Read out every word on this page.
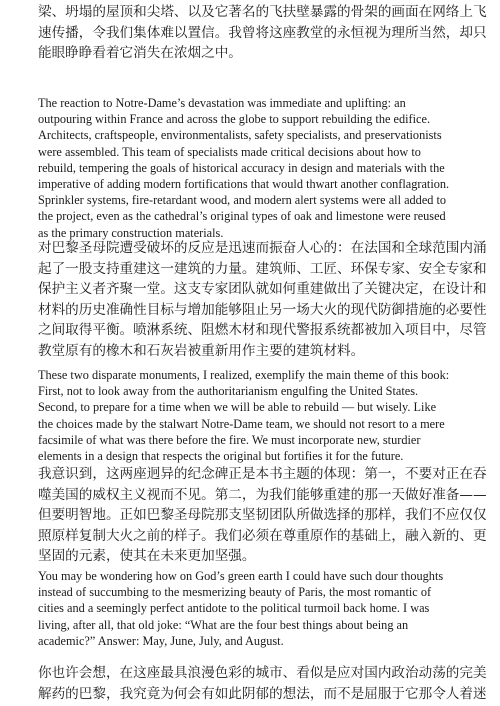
梁、坍塌的屋顶和尖塔、以及它著名的飞扶壁暴露的骨架的画面在网络上飞
速传播，令我们集体难以置信。我曾将这座教堂的永恒视为理所当然，却只
能眼睁睁看着它消失在浓烟之中。
The reaction to Notre-Dame’s devastation was immediate and uplifting: an
outpouring within France and across the globe to support rebuilding the edifice.
Architects, craftspeople, environmentalists, safety specialists, and preservationists
were assembled. This team of specialists made critical decisions about how to
rebuild, tempering the goals of historical accuracy in design and materials with the
imperative of adding modern fortifications that would thwart another conflagration.
Sprinkler systems, fire-retardant wood, and modern alert systems were all added to
the project, even as the cathedral’s original types of oak and limestone were reused
as the primary construction materials.
对巴黎圣母院遭受破坏的反应是迅速而振奋人心的：在法国和全球范围内涌
起了一股支持重建这一建筑的力量。建筑师、工匠、环保专家、安全专家和
保护主义者齐聚一堂。这支专家团队就如何重建做出了关键决定，在设计和
材料的历史准确性目标与增加能够阻止另一场大火的现代防御措施的必要性
之间取得平衡。喷淋系统、阻燃木材和现代警报系统都被加入项目中，尽管
教堂原有的橡木和石灰岩被重新用作主要的建筑材料。
These two disparate monuments, I realized, exemplify the main theme of this book:
First, not to look away from the authoritarianism engulfing the United States.
Second, to prepare for a time when we will be able to rebuild — but wisely. Like
the choices made by the stalwart Notre-Dame team, we should not resort to a mere
facsimile of what was there before the fire. We must incorporate new, sturdier
elements in a design that respects the original but fortifies it for the future.
我意识到，这两座迥异的纪念碑正是本书主题的体现：第一，不要对正在吞
噬美国的威权主义视而不见。第二，为我们能够重建的那一天做好准备——
但要明智地。正如巴黎圣母院那支坚韧团队所做选择的那样，我们不应仅仅
照原样复制大火之前的样子。我们必须在尊重原作的基础上，融入新的、更
坚固的元素，使其在未来更加坚强。
You may be wondering how on God’s green earth I could have such dour thoughts
instead of succumbing to the mesmerizing beauty of Paris, the most romantic of
cities and a seemingly perfect antidote to the political turmoil back home. I was
living, after all, that old joke: “What are the four best things about being an
academic?” Answer: May, June, July, and August.
你也许会想，在这座最具浪漫色彩的城市、看似是应对国内政治动荡的完美
解药的巴黎，我究竟为何会有如此阴郁的想法，而不是屈服于它那令人着迷
